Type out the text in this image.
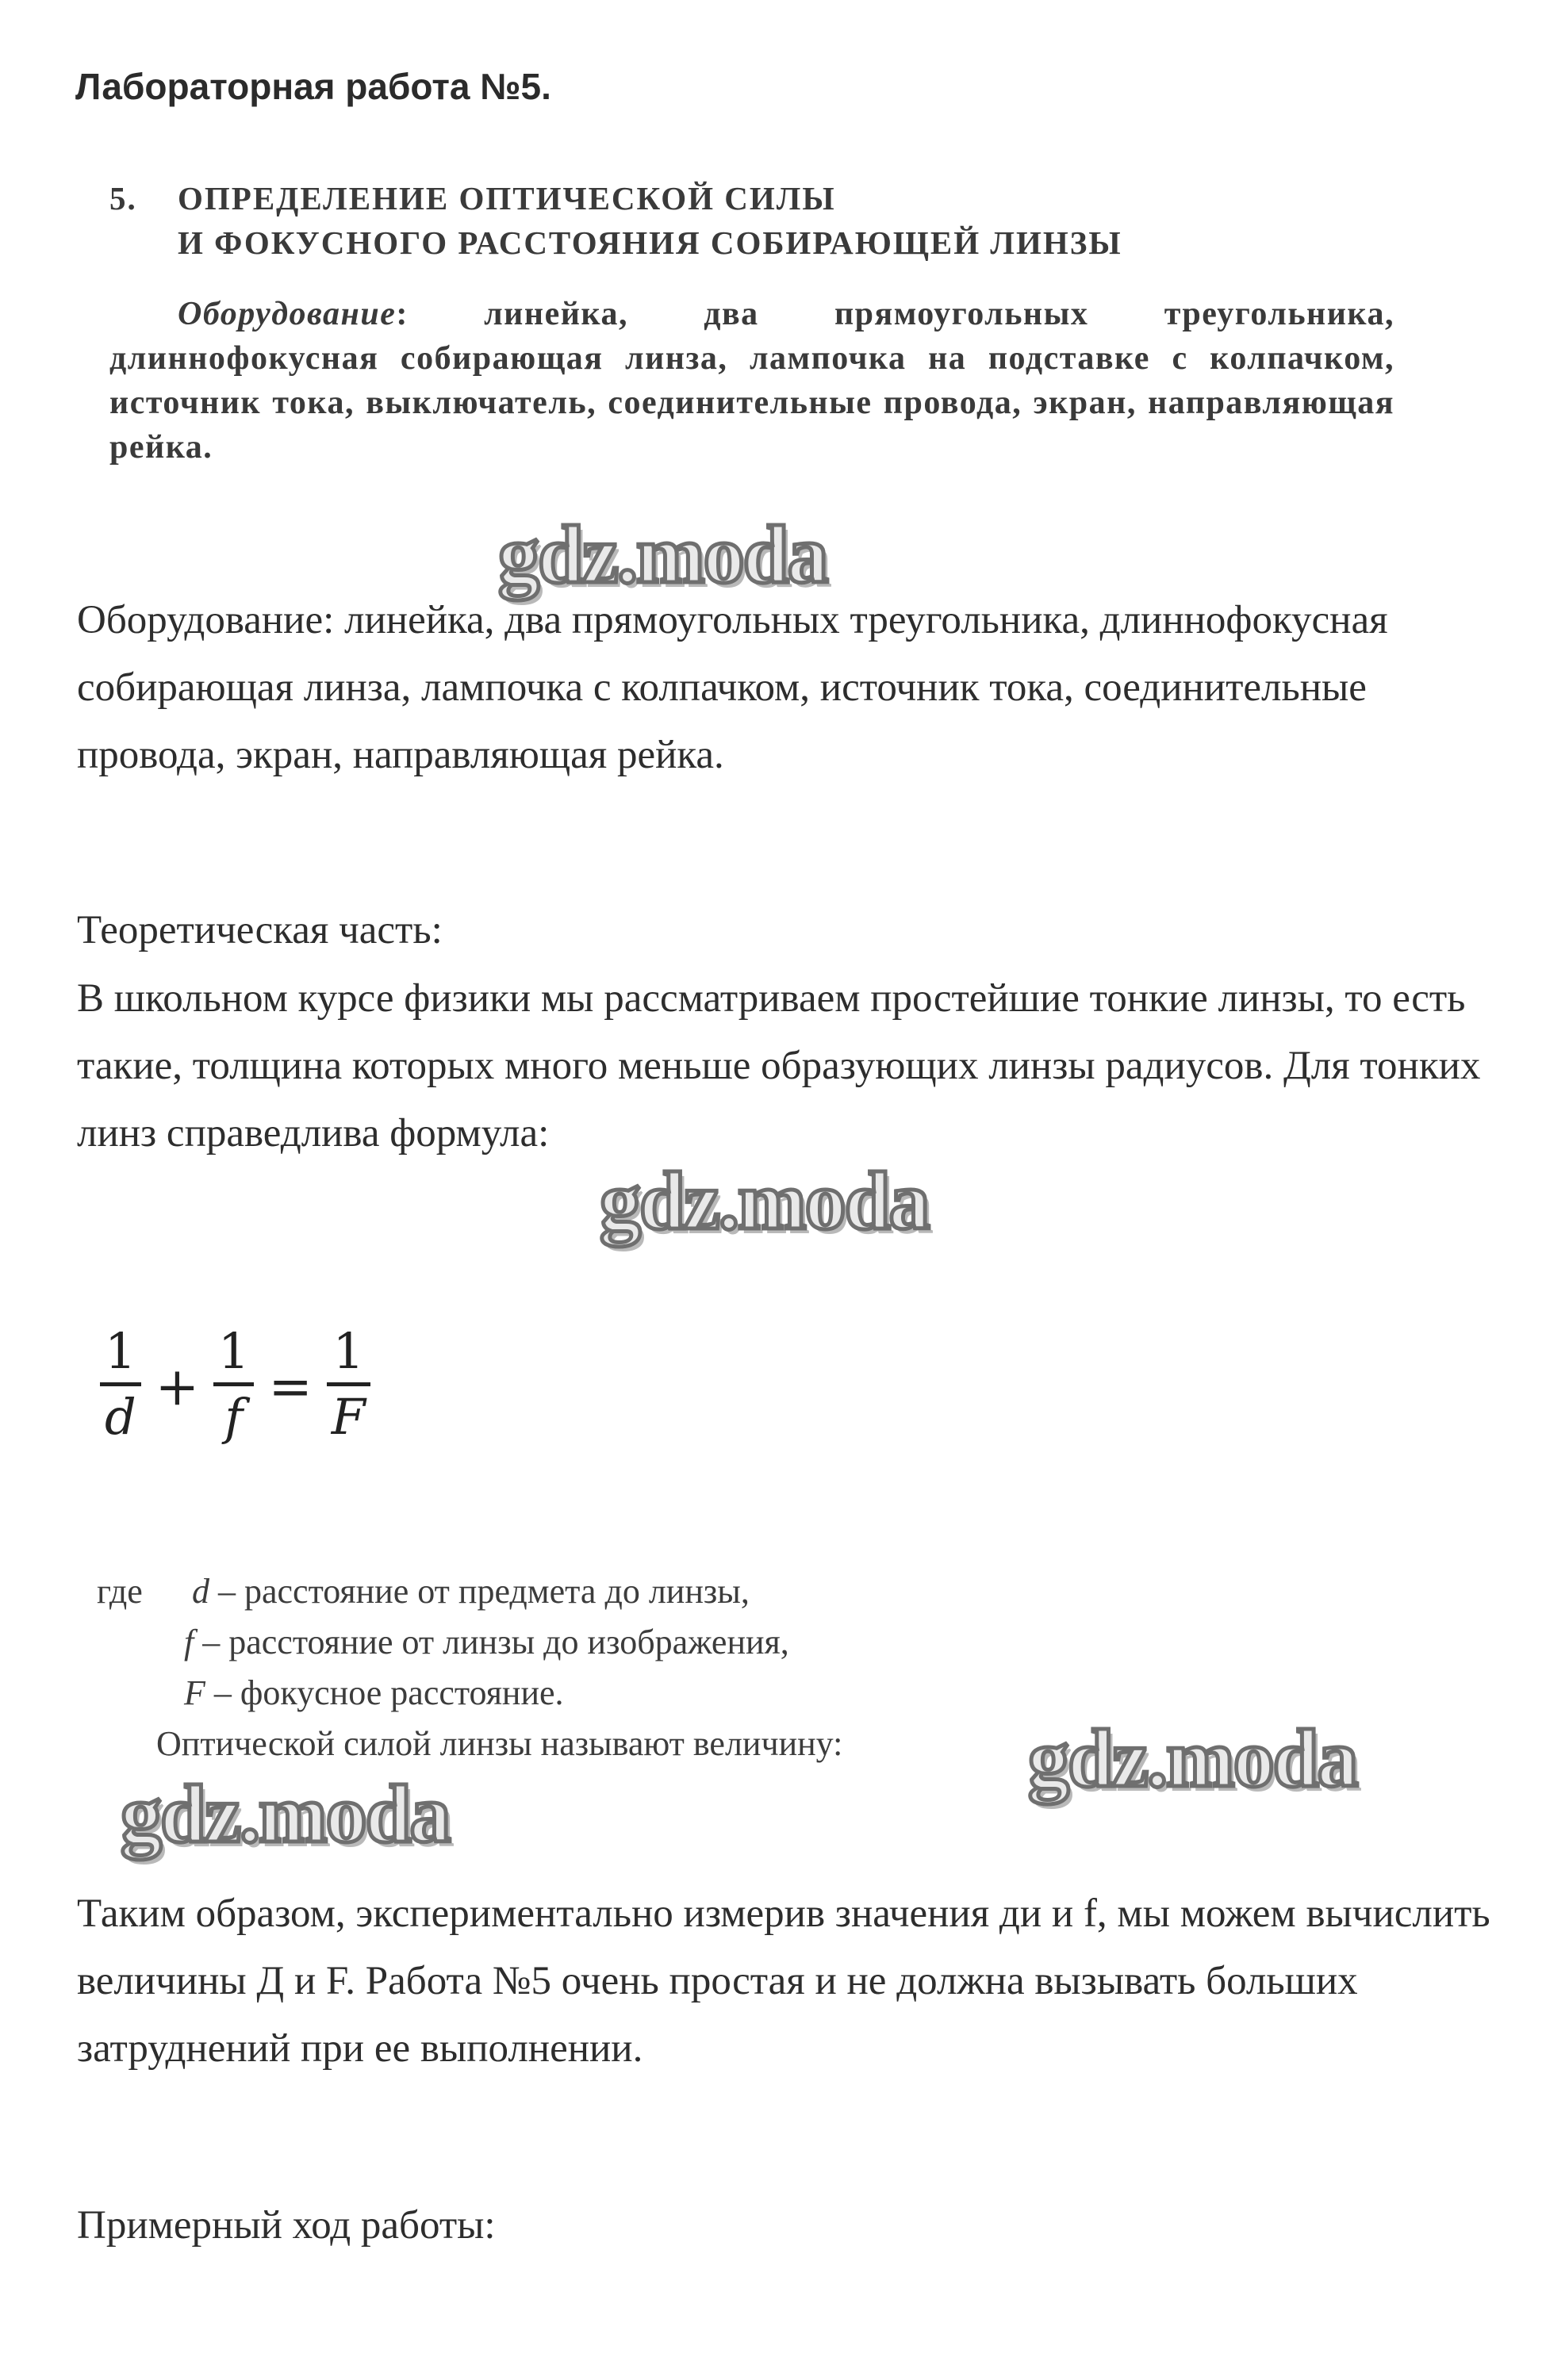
Лабораторная работа №5.
5. ОПРЕДЕЛЕНИЕ ОПТИЧЕСКОЙ СИЛЫ
И ФОКУСНОГО РАССТОЯНИЯ СОБИРАЮЩЕЙ ЛИНЗЫ
Оборудование: линейка, два прямоугольных треугольника, длиннофокусная собирающая линза, лампочка на подставке с колпачком, источник тока, выключатель, соединительные провода, экран, направляющая рейка.
Оборудование: линейка, два прямоугольных треугольника, длиннофокусная собирающая линза, лампочка с колпачком, источник тока, соединительные провода, экран, направляющая рейка.
gdz.moda
Теоретическая часть:
В школьном курсе физики мы рассматриваем простейшие тонкие линзы, то есть такие, толщина которых много меньше образующих линзы радиусов. Для тонких линз справедлива формула:
gdz.moda
1
d +
1
f =
1
F
где d – расстояние от предмета до линзы,
f – расстояние от линзы до изображения,
F – фокусное расстояние.
Оптической силой линзы называют величину: gdz.moda
gdz.moda
Таким образом, экспериментально измерив значения ди и f, мы можем вычислить величины Д и F. Работа №5 очень простая и не должна вызывать больших затруднений при ее выполнении.
Примерный ход работы:
